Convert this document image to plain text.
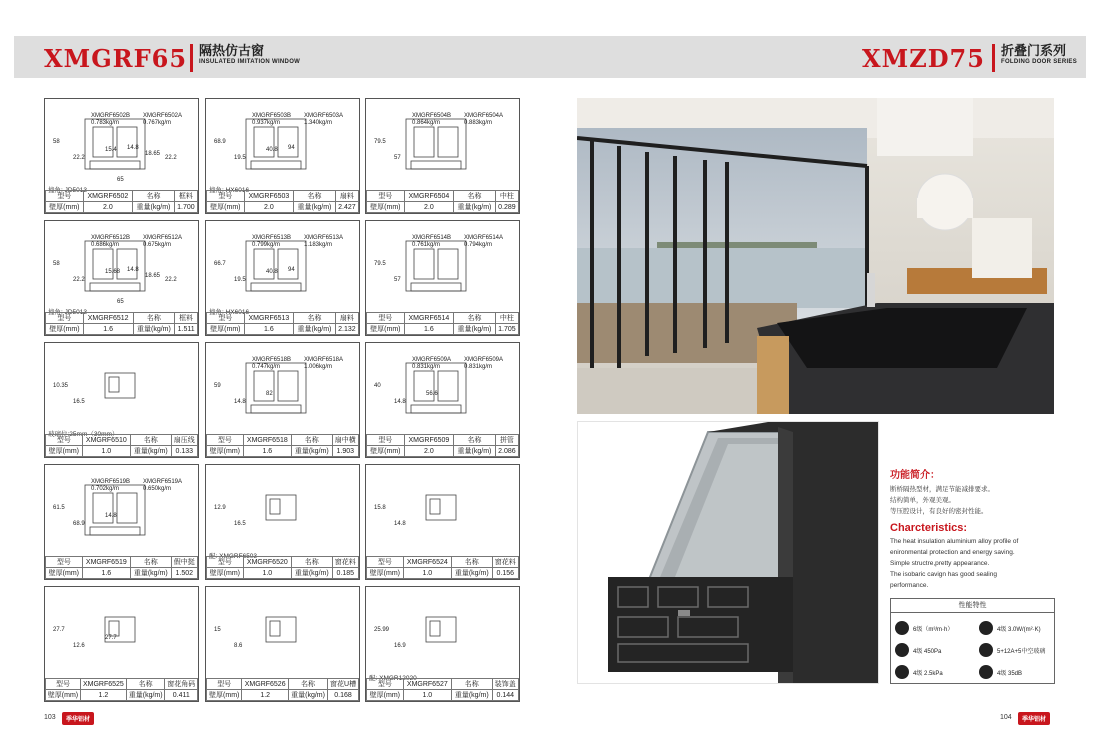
XMGRF65 隔热仿古窗
INSULATED IMITATION WINDOW	XMZD75 折叠门系列
FOLDING DOOR SERIES
58
22.2
15.4 14.8
18.65
22.2
65
XMGRF6502B
0.783kg/m
XMGRF6502A
0.767kg/m
撞角: JD5013
型号	XMGRF6502	名称	框料
壁厚(mm)	2.0	重量(kg/m)	1.700
68.9
19.5
40.8 94
XMGRF6503B
0.937kg/m
XMGRF6503A
1.340kg/m
撞角: HX6016
型号	XMGRF6503	名称	扇料
壁厚(mm)	2.0	重量(kg/m)	2.427
79.5
57
XMGRF6504B
0.864kg/m
XMGRF6504A
0.883kg/m
型号	XMGRF6504	名称	中柱
壁厚(mm)	2.0	重量(kg/m)	0.289
58
22.2
15.68 14.8
18.65
22.2
65
XMGRF6512B
0.686kg/m
XMGRF6512A
0.675kg/m
撞角: JD5013
型号	XMGRF6512	名称	框料
壁厚(mm)	1.6	重量(kg/m)	1.511
66.7
19.5
40.8 94
XMGRF6513B
0.799kg/m
XMGRF6513A
1.183kg/m
撞角: HX6016
型号	XMGRF6513	名称	扇料
壁厚(mm)	1.6	重量(kg/m)	2.132
79.5
57
XMGRF6514B
0.761kg/m
XMGRF6514A
0.794kg/m
型号	XMGRF6514	名称	中柱
壁厚(mm)	1.6	重量(kg/m)	1.705
10.35
16.5
玻璃位:25mm（30mm）
型号	XMGRF6510	名称	扇压线
壁厚(mm)	1.0	重量(kg/m)	0.133
59
14.8
82
XMGRF6518B
0.747kg/m
XMGRF6518A
1.006kg/m
型号	XMGRF6518	名称	扇中横
壁厚(mm)	1.6	重量(kg/m)	1.903
40
14.8
56.6
XMGRF6509A
0.831kg/m
XMGRF6509A
0.831kg/m
型号	XMGRF6509	名称	拼管
壁厚(mm)	2.0	重量(kg/m)	2.086
61.5
68.9
14.8
XMGRF6519B
0.702kg/m
XMGRF6519A
0.650kg/m
型号	XMGRF6519	名称	假中挺
壁厚(mm)	1.6	重量(kg/m)	1.502
12.9
16.5
配: XMGRF6503
型号	XMGRF6520	名称	窗花料
壁厚(mm)	1.0	重量(kg/m)	0.185
15.8
14.8
型号	XMGRF6524	名称	窗花料
壁厚(mm)	1.0	重量(kg/m)	0.156
27.7
12.6
27.7
型号	XMGRF6525	名称	窗花角码
壁厚(mm)	1.2	重量(kg/m)	0.411
15
8.6
型号	XMGRF6526	名称	窗花U槽
壁厚(mm)	1.2	重量(kg/m)	0.168
25.99
16.9
配: XMGR12020
型号	XMGRF6527	名称	装饰盖
壁厚(mm)	1.0	重量(kg/m)	0.144
功能简介：

断桥隔热型材，满足节能减排要求。

结构简单，外观美观。

等压腔设计，有良好的密封性能。

Charcteristics:

The heat insulation aluminium alloy profile of

enironmental protection and energy saving.

Simple structre,pretty appearance.

The isobaric cavign has good sealing

performance.

性能特性
6级（m³/m·h）	4级 3.0W/(m²·K)
4级 450Pa	5+12A+5中空玻璃
4级 2.5kPa	4级 35dB
103	季华铝材	104	季华铝材
